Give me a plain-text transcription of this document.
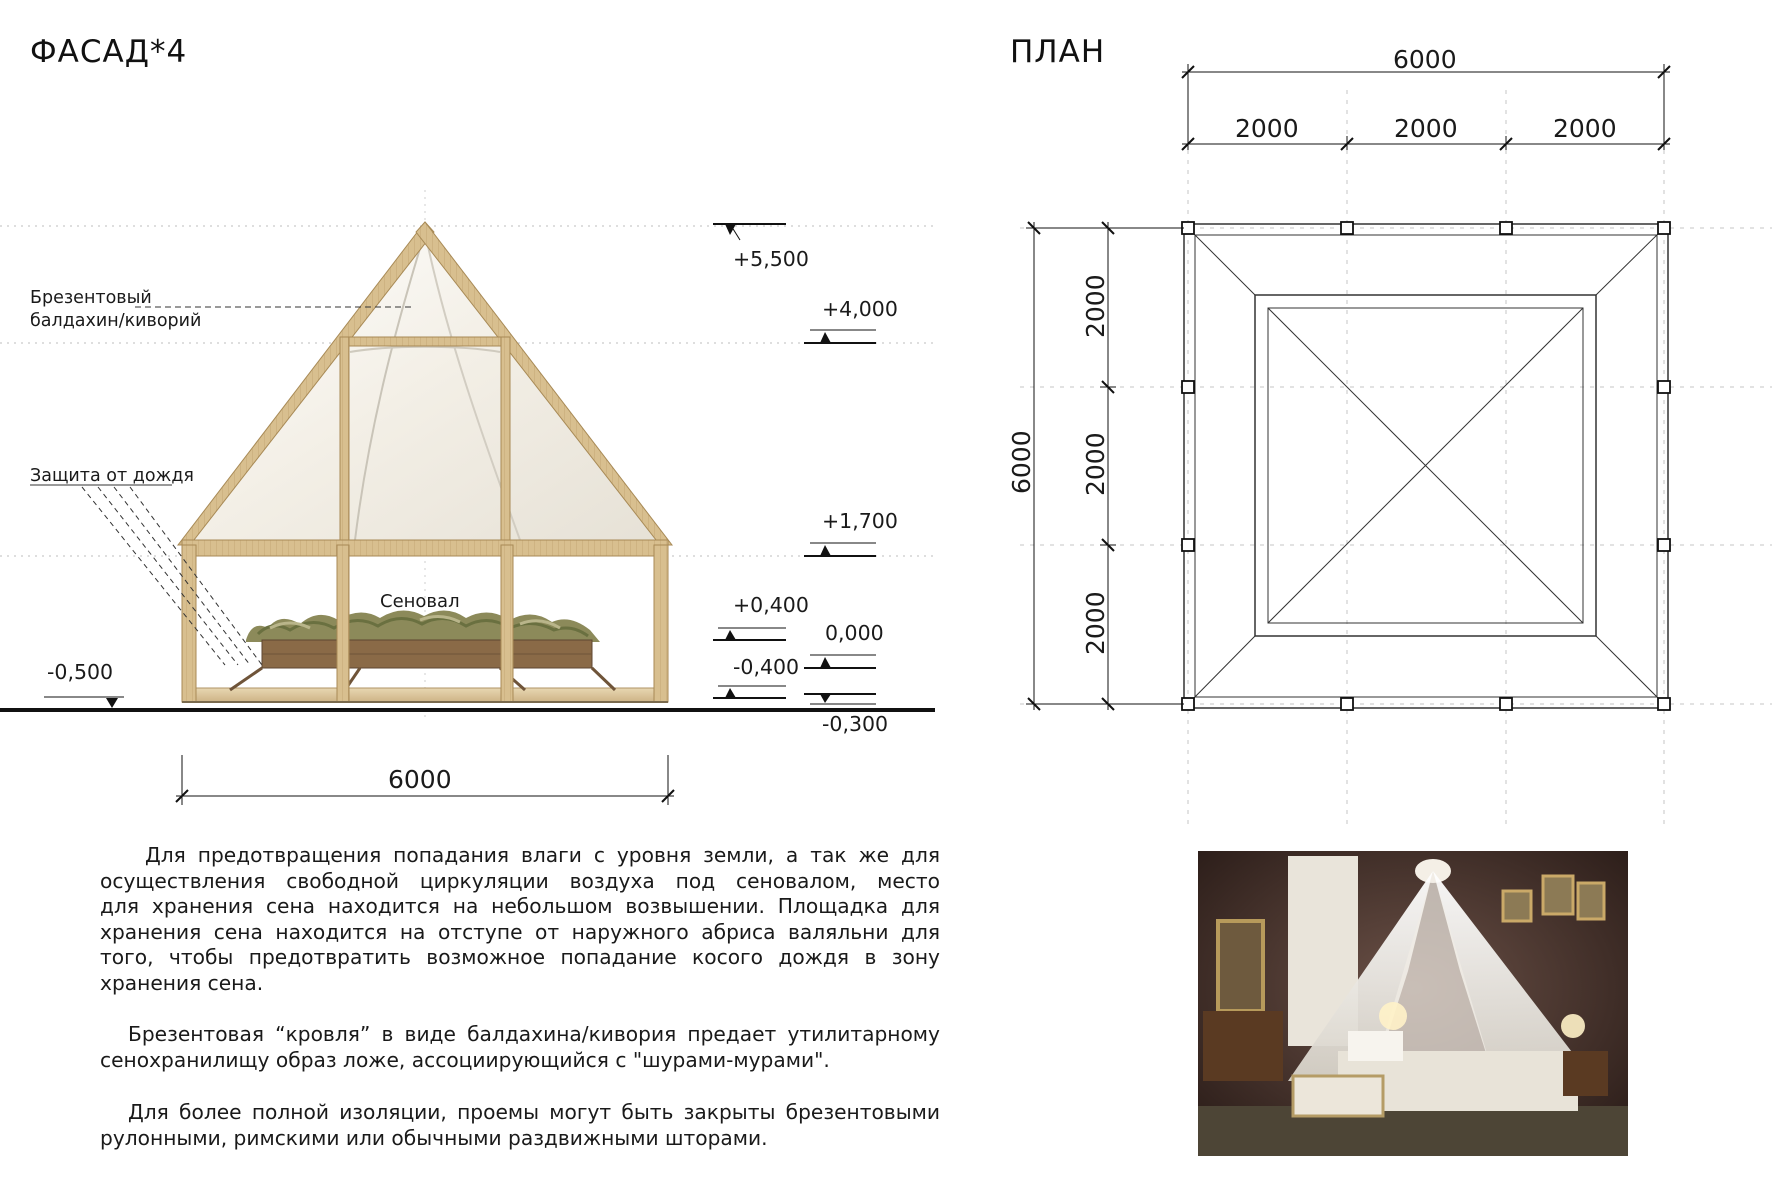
ФАСАД*4	ПЛАН
Брезентовый
балдахин/киворий
Защита от дождя
Сеновал
+5,500
+4,000
+1,700
+0,400
0,000
-0,400
-0,300
-0,500
6000
6000
2000	2000	2000
6000
2000
2000
2000

Для предотвращения попадания влаги с уровня земли, а так же для
осуществления свободной циркуляции воздуха под сеновалом, место
для хранения сена находится на небольшом возвышении. Площадка для
хранения сена находится на отступе от наружного абриса валяльни для
того, чтобы предотвратить возможное попадание косого дождя в зону
хранения сена.

Брезентовая “кровля” в виде балдахина/кивория предает утилитарному
сенохранилищу образ ложе, ассоциирующийся с "шурами-мурами".

Для более полной изоляции, проемы могут быть закрыты брезентовыми
рулонными, римскими или обычными раздвижными шторами.
